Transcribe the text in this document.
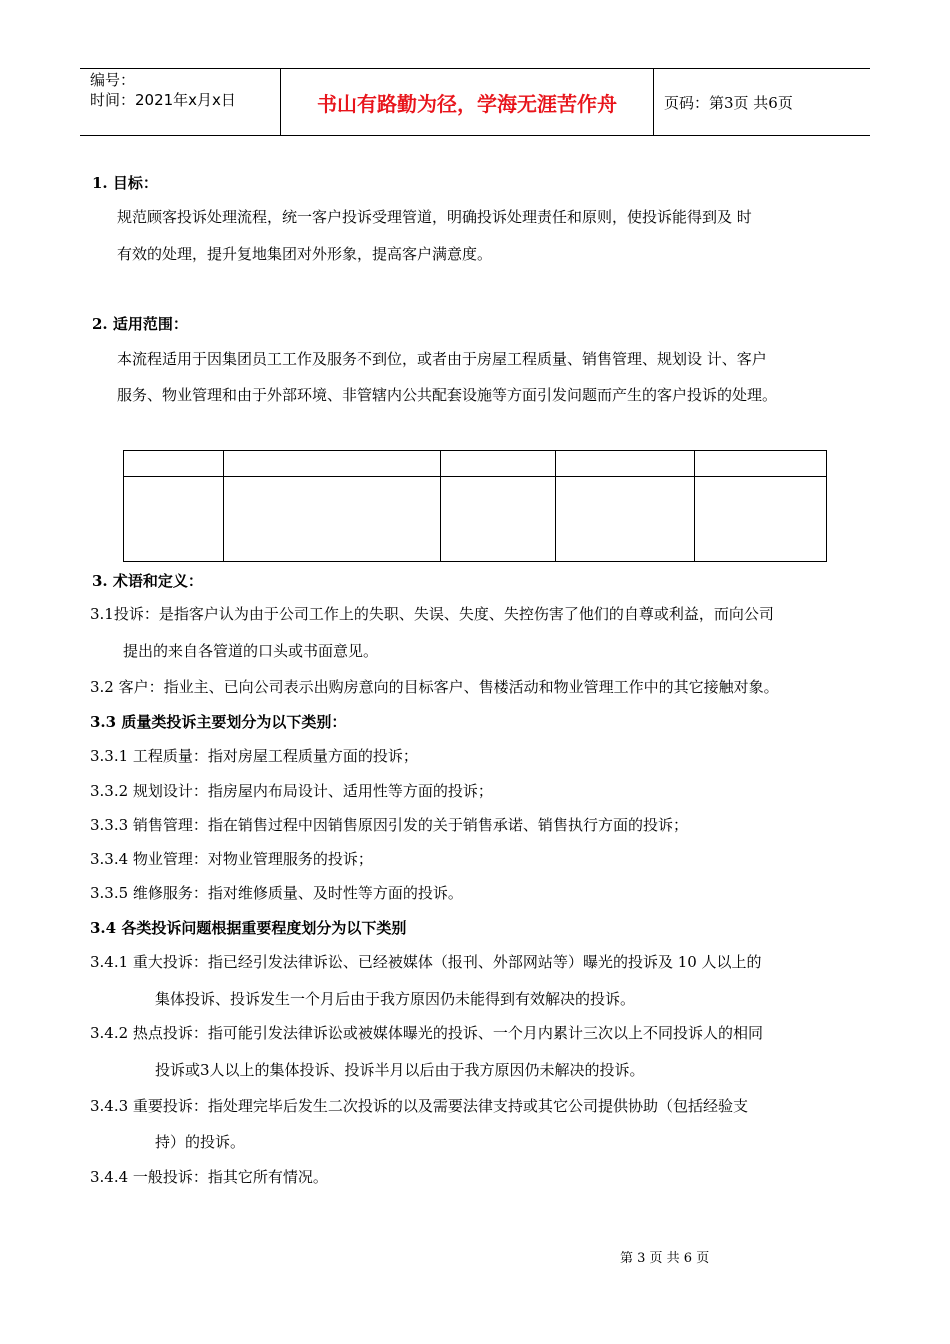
编号：
时间：2021年x月x日	书山有路勤为径，学海无涯苦作舟	页码：第3页 共6页
1. 目标：
规范顾客投诉处理流程，统一客户投诉受理管道，明确投诉处理责任和原则，使投诉能得到及 时
有效的处理，提升复地集团对外形象，提高客户满意度。
2. 适用范围：
本流程适用于因集团员工工作及服务不到位，或者由于房屋工程质量、销售管理、规划设 计、客户
服务、物业管理和由于外部环境、非管辖内公共配套设施等方面引发问题而产生的客户投诉的处理。

3. 术语和定义：
3.1投诉：是指客户认为由于公司工作上的失职、失误、失度、失控伤害了他们的自尊或利益，而向公司
提出的来自各管道的口头或书面意见。
3.2 客户：指业主、已向公司表示出购房意向的目标客户、售楼活动和物业管理工作中的其它接触对象。
3.3 质量类投诉主要划分为以下类别：
3.3.1 工程质量：指对房屋工程质量方面的投诉；
3.3.2 规划设计：指房屋内布局设计、适用性等方面的投诉；
3.3.3 销售管理：指在销售过程中因销售原因引发的关于销售承诺、销售执行方面的投诉；
3.3.4 物业管理：对物业管理服务的投诉；
3.3.5 维修服务：指对维修质量、及时性等方面的投诉。
3.4 各类投诉问题根据重要程度划分为以下类别
3.4.1 重大投诉：指已经引发法律诉讼、已经被媒体（报刊、外部网站等）曝光的投诉及 10 人以上的
集体投诉、投诉发生一个月后由于我方原因仍未能得到有效解决的投诉。
3.4.2 热点投诉：指可能引发法律诉讼或被媒体曝光的投诉、一个月内累计三次以上不同投诉人的相同
投诉或3人以上的集体投诉、投诉半月以后由于我方原因仍未解决的投诉。
3.4.3 重要投诉：指处理完毕后发生二次投诉的以及需要法律支持或其它公司提供协助（包括经验支
持）的投诉。
3.4.4 一般投诉：指其它所有情况。
第 3 页 共 6 页
